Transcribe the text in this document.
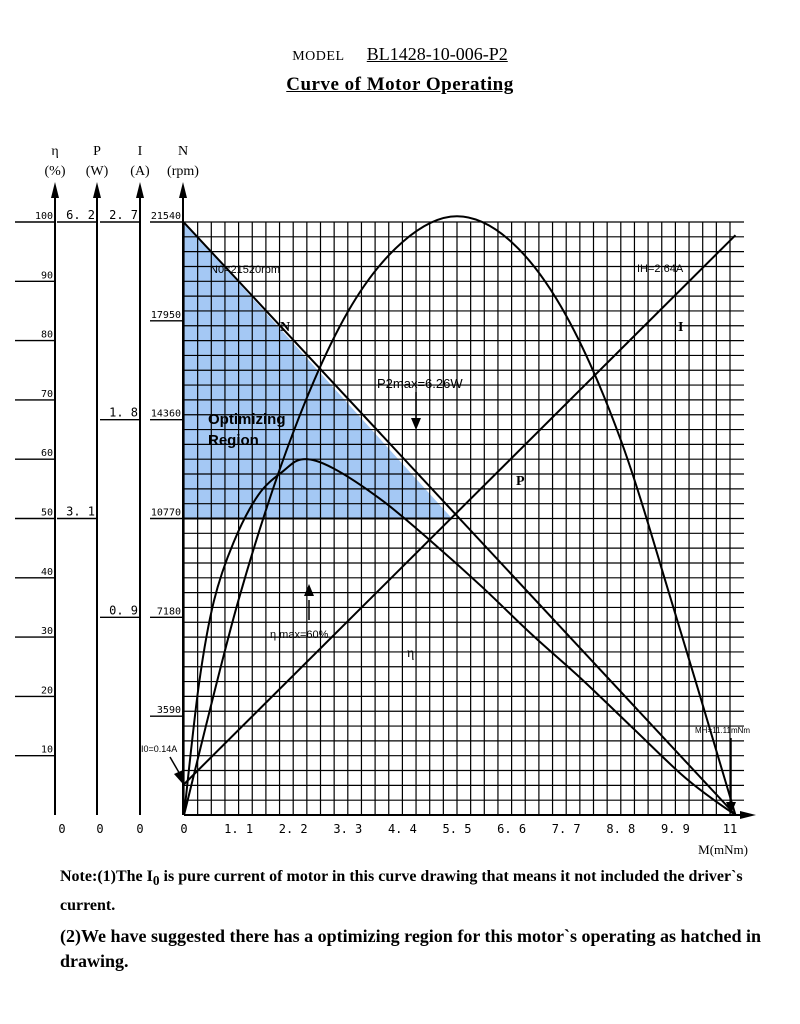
MODEL BL1428-10-006-P2
Curve of Motor Operating
η
(%)
10
20
30
40
50
60
70
80
90
100
P
(W)
3. 1
6. 2
I
(A)
0. 9
1. 8
2. 7
N
(rpm)
3590
7180
10770
14360
17950
21540
0	1. 1 2. 2 3. 3 4. 4 5. 5 6. 6 7. 7 8. 8 9. 9	11
0	0	0
M(mNm)
N0=21520rpm	IH=2.64A
P2max=6.26W
η max=60%
I0=0.14A
MH=11.11mNm
N	I
P
η
Optimizing
Region
Note:(1)The $I_0$ is pure current of motor in this curve drawing that means it not included the driver`s current.
(2)We have suggested there has a optimizing region for this motor`s operating as hatched in drawing.
